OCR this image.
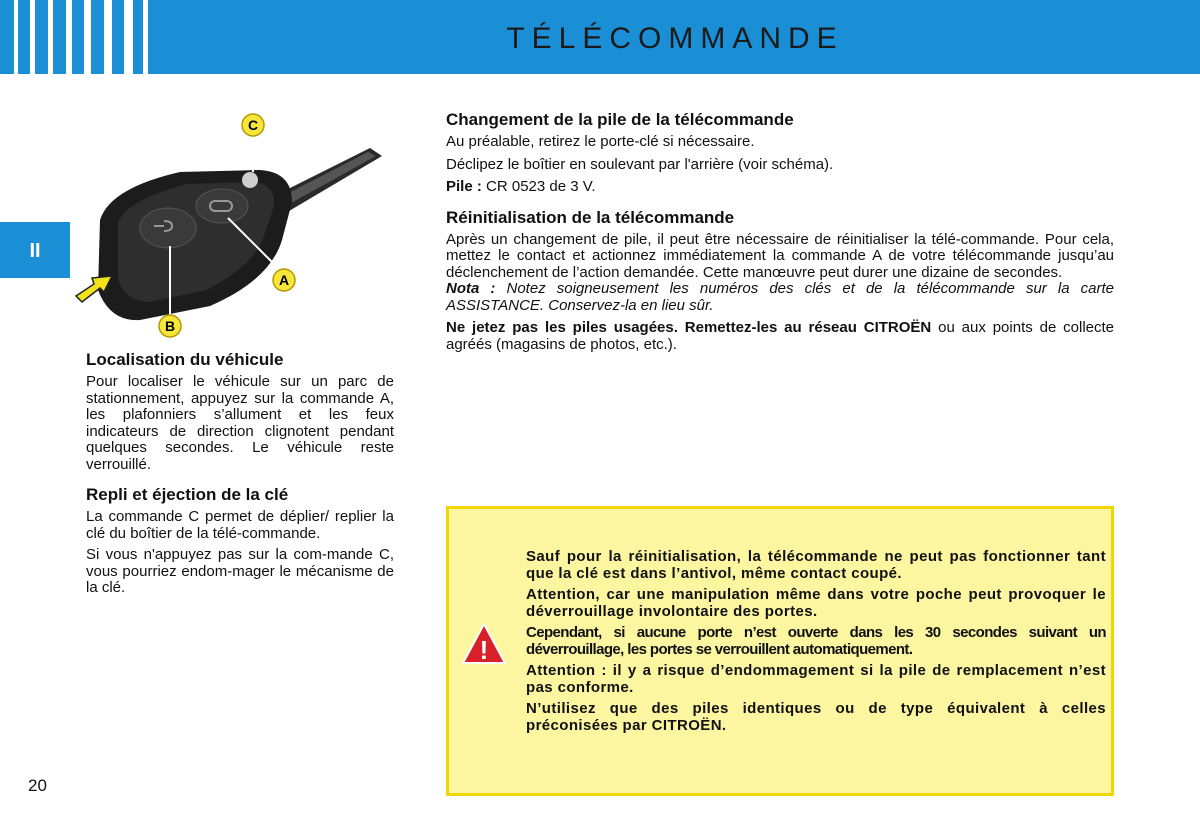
TÉLÉCOMMANDE
II
C
A
B
Localisation du véhicule

Pour localiser le véhicule sur un parc de stationnement, appuyez sur la commande A, les plafonniers s’allument et les feux indicateurs de direction clignotent pendant quelques secondes. Le véhicule reste verrouillé.

Repli et éjection de la clé

La commande C permet de déplier/ replier la clé du boîtier de la télé-commande.

Si vous n'appuyez pas sur la com-mande C, vous pourriez endom-mager le mécanisme de la clé.

Changement de la pile de la télécommande

Au préalable, retirez le porte-clé si nécessaire.

Déclipez le boîtier en soulevant par l'arrière (voir schéma).

Pile : CR 0523 de 3 V.

Réinitialisation de la télécommande

Après un changement de pile, il peut être nécessaire de réinitialiser la télé-commande. Pour cela, mettez le contact et actionnez immédiatement la commande A de votre télécommande jusqu’au déclenchement de l’action demandée. Cette manœuvre peut durer une dizaine de secondes.

Nota : Notez soigneusement les numéros des clés et de la télécommande sur la carte ASSISTANCE. Conservez-la en lieu sûr.

Ne jetez pas les piles usagées. Remettez-les au réseau CITROËN ou aux points de collecte agréés (magasins de photos, etc.).

!

Sauf pour la réinitialisation, la télécommande ne peut pas fonctionner tant que la clé est dans l’antivol, même contact coupé.

Attention, car une manipulation même dans votre poche peut provoquer le déverrouillage involontaire des portes.

Cependant, si aucune porte n’est ouverte dans les 30 secondes suivant un déverrouillage, les portes se verrouillent automatiquement.

Attention : il y a risque d’endommagement si la pile de remplacement n’est pas conforme.

N’utilisez que des piles identiques ou de type équivalent à celles préconisées par CITROËN.

20
